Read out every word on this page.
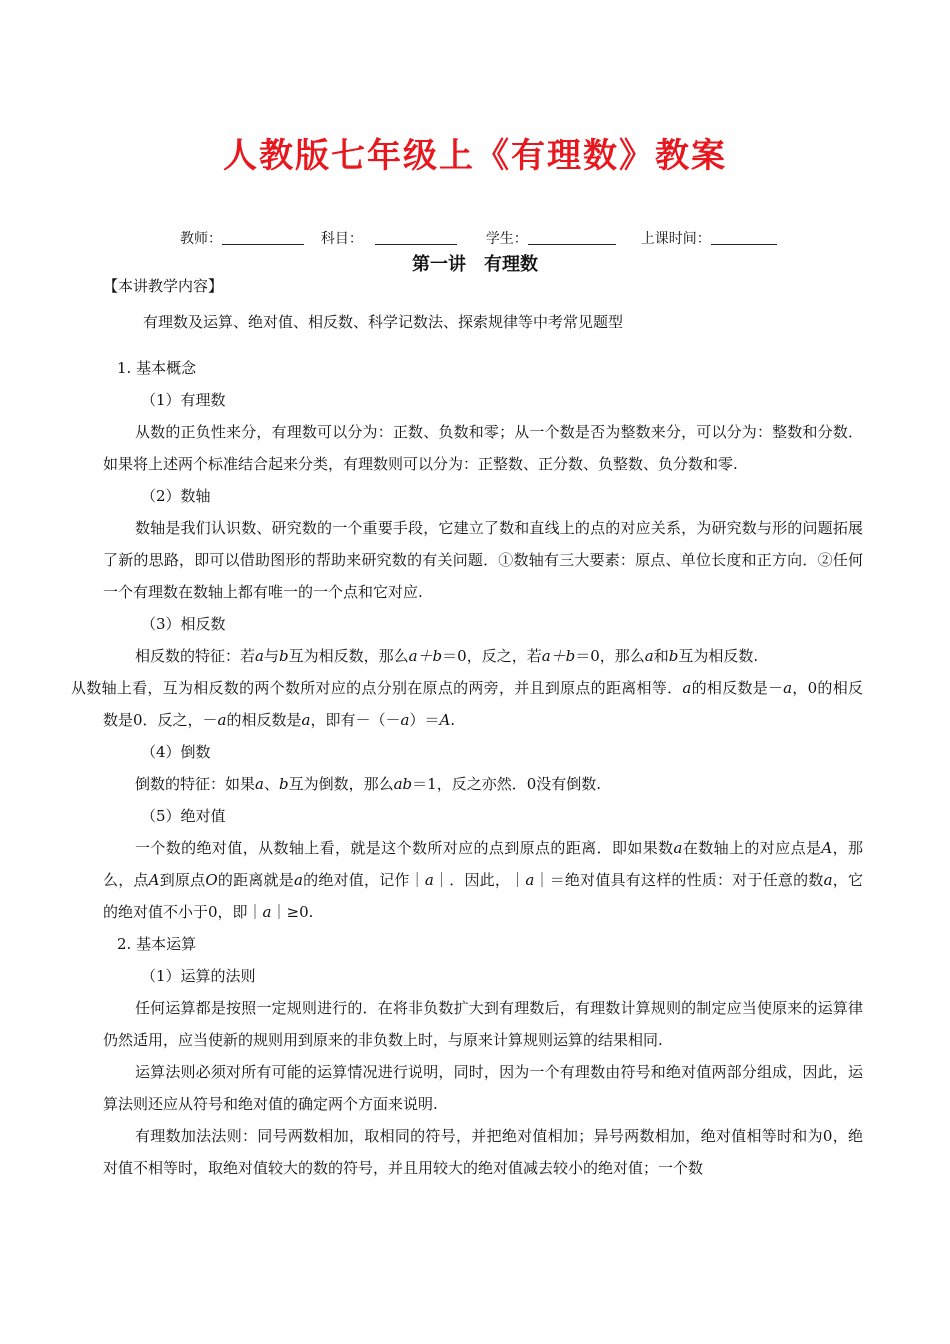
人教版七年级上《有理数》教案
教师：	科目：	学生：	上课时间：
第一讲　有理数

【本讲教学内容】

有理数及运算、绝对值、相反数、科学记数法、探索规律等中考常见题型

1. 基本概念

（1）有理数

从数的正负性来分，有理数可以分为：正数、负数和零；从一个数是否为整数来分，可以分为：整数和分数．如果将上述两个标准结合起来分类，有理数则可以分为：正整数、正分数、负整数、负分数和零.

（2）数轴

数轴是我们认识数、研究数的一个重要手段，它建立了数和直线上的点的对应关系，为研究数与形的问题拓展了新的思路，即可以借助图形的帮助来研究数的有关问题．①数轴有三大要素：原点、单位长度和正方向．②任何一个有理数在数轴上都有唯一的一个点和它对应.

（3）相反数

相反数的特征：若a与b互为相反数，那么a＋b＝0，反之，若a＋b＝0，那么a和b互为相反数.
从数轴上看，互为相反数的两个数所对应的点分别在原点的两旁，并且到原点的距离相等．a的相反数是－a，0的相反数是0．反之，－a的相反数是a，即有－（－a）＝A.

（4）倒数

倒数的特征：如果a、b互为倒数，那么ab＝1，反之亦然．0没有倒数.

（5）绝对值

一个数的绝对值，从数轴上看，就是这个数所对应的点到原点的距离．即如果数a在数轴上的对应点是A，那么，点A到原点O的距离就是a的绝对值，记作｜a｜．因此，｜a｜＝绝对值具有这样的性质：对于任意的数a，它的绝对值不小于0，即｜a｜≥0.

2. 基本运算

（1）运算的法则

任何运算都是按照一定规则进行的．在将非负数扩大到有理数后，有理数计算规则的制定应当使原来的运算律仍然适用，应当使新的规则用到原来的非负数上时，与原来计算规则运算的结果相同.

运算法则必须对所有可能的运算情况进行说明，同时，因为一个有理数由符号和绝对值两部分组成，因此，运算法则还应从符号和绝对值的确定两个方面来说明.

有理数加法法则：同号两数相加，取相同的符号，并把绝对值相加；异号两数相加，绝对值相等时和为0，绝对值不相等时，取绝对值较大的数的符号，并且用较大的绝对值减去较小的绝对值；一个数
